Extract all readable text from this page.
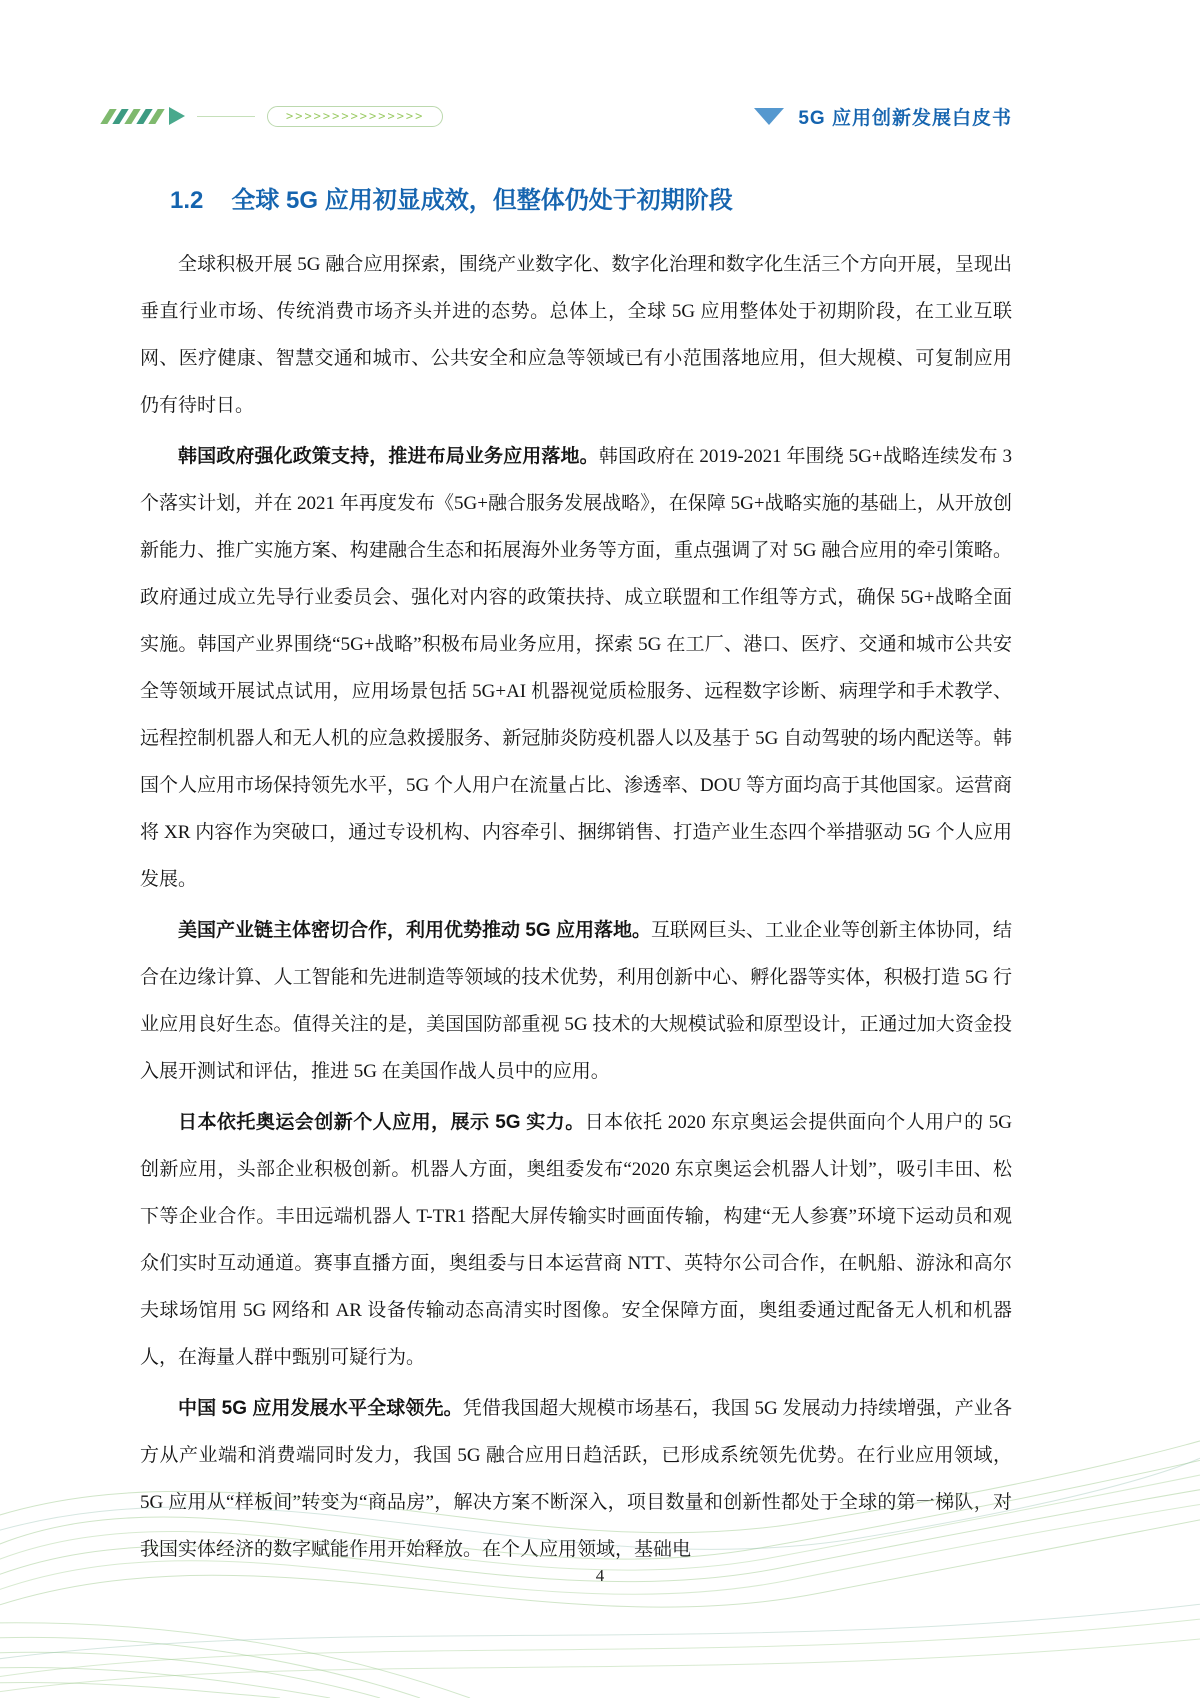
>>>>>>>>>>>>>>>	5G 应用创新发展白皮书
1.2 全球 5G 应用初显成效，但整体仍处于初期阶段

全球积极开展 5G 融合应用探索，围绕产业数字化、数字化治理和数字化生活三个方向开展，呈现出垂直行业市场、传统消费市场齐头并进的态势。总体上，全球 5G 应用整体处于初期阶段，在工业互联网、医疗健康、智慧交通和城市、公共安全和应急等领域已有小范围落地应用，但大规模、可复制应用仍有待时日。

韩国政府强化政策支持，推进布局业务应用落地。韩国政府在 2019-2021 年围绕 5G+战略连续发布 3 个落实计划，并在 2021 年再度发布《5G+融合服务发展战略》，在保障 5G+战略实施的基础上，从开放创新能力、推广实施方案、构建融合生态和拓展海外业务等方面，重点强调了对 5G 融合应用的牵引策略。政府通过成立先导行业委员会、强化对内容的政策扶持、成立联盟和工作组等方式，确保 5G+战略全面实施。韩国产业界围绕“5G+战略”积极布局业务应用，探索 5G 在工厂、港口、医疗、交通和城市公共安全等领域开展试点试用，应用场景包括 5G+AI 机器视觉质检服务、远程数字诊断、病理学和手术教学、远程控制机器人和无人机的应急救援服务、新冠肺炎防疫机器人以及基于 5G 自动驾驶的场内配送等。韩国个人应用市场保持领先水平，5G 个人用户在流量占比、渗透率、DOU 等方面均高于其他国家。运营商将 XR 内容作为突破口，通过专设机构、内容牵引、捆绑销售、打造产业生态四个举措驱动 5G 个人应用发展。

美国产业链主体密切合作，利用优势推动 5G 应用落地。互联网巨头、工业企业等创新主体协同，结合在边缘计算、人工智能和先进制造等领域的技术优势，利用创新中心、孵化器等实体，积极打造 5G 行业应用良好生态。值得关注的是，美国国防部重视 5G 技术的大规模试验和原型设计，正通过加大资金投入展开测试和评估，推进 5G 在美国作战人员中的应用。

日本依托奥运会创新个人应用，展示 5G 实力。日本依托 2020 东京奥运会提供面向个人用户的 5G 创新应用，头部企业积极创新。机器人方面，奥组委发布“2020 东京奥运会机器人计划”，吸引丰田、松下等企业合作。丰田远端机器人 T-TR1 搭配大屏传输实时画面传输，构建“无人参赛”环境下运动员和观众们实时互动通道。赛事直播方面，奥组委与日本运营商 NTT、英特尔公司合作，在帆船、游泳和高尔夫球场馆用 5G 网络和 AR 设备传输动态高清实时图像。安全保障方面，奥组委通过配备无人机和机器人，在海量人群中甄别可疑行为。

中国 5G 应用发展水平全球领先。凭借我国超大规模市场基石，我国 5G 发展动力持续增强，产业各方从产业端和消费端同时发力，我国 5G 融合应用日趋活跃，已形成系统领先优势。在行业应用领域，5G 应用从“样板间”转变为“商品房”，解决方案不断深入，项目数量和创新性都处于全球的第一梯队，对我国实体经济的数字赋能作用开始释放。在个人应用领域，基础电

4
